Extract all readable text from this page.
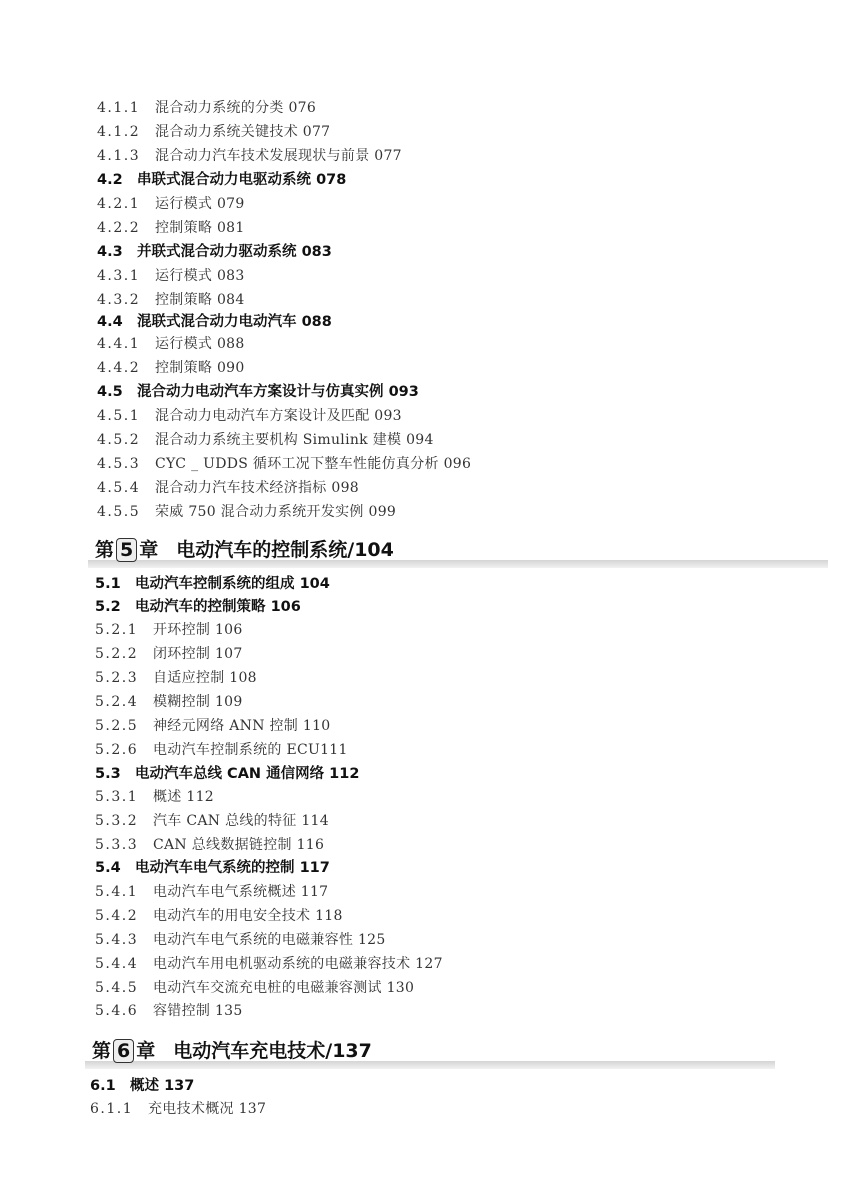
4.1.1 混合动力系统的分类 076
4.1.2 混合动力系统关键技术 077
4.1.3 混合动力汽车技术发展现状与前景 077
4.2 串联式混合动力电驱动系统 078
4.2.1 运行模式 079
4.2.2 控制策略 081
4.3 并联式混合动力驱动系统 083
4.3.1 运行模式 083
4.3.2 控制策略 084
4.4 混联式混合动力电动汽车 088
4.4.1 运行模式 088
4.4.2 控制策略 090
4.5 混合动力电动汽车方案设计与仿真实例 093
4.5.1 混合动力电动汽车方案设计及匹配 093
4.5.2 混合动力系统主要机构 Simulink 建模 094
4.5.3 CYC _ UDDS 循环工况下整车性能仿真分析 096
4.5.4 混合动力汽车技术经济指标 098
4.5.5 荣威 750 混合动力系统开发实例 099
第 5 章 电动汽车的控制系统/104
5.1 电动汽车控制系统的组成 104
5.2 电动汽车的控制策略 106
5.2.1 开环控制 106
5.2.2 闭环控制 107
5.2.3 自适应控制 108
5.2.4 模糊控制 109
5.2.5 神经元网络 ANN 控制 110
5.2.6 电动汽车控制系统的 ECU111
5.3 电动汽车总线 CAN 通信网络 112
5.3.1 概述 112
5.3.2 汽车 CAN 总线的特征 114
5.3.3 CAN 总线数据链控制 116
5.4 电动汽车电气系统的控制 117
5.4.1 电动汽车电气系统概述 117
5.4.2 电动汽车的用电安全技术 118
5.4.3 电动汽车电气系统的电磁兼容性 125
5.4.4 电动汽车用电机驱动系统的电磁兼容技术 127
5.4.5 电动汽车交流充电桩的电磁兼容测试 130
5.4.6 容错控制 135
第 6 章 电动汽车充电技术/137
6.1 概述 137
6.1.1 充电技术概况 137
